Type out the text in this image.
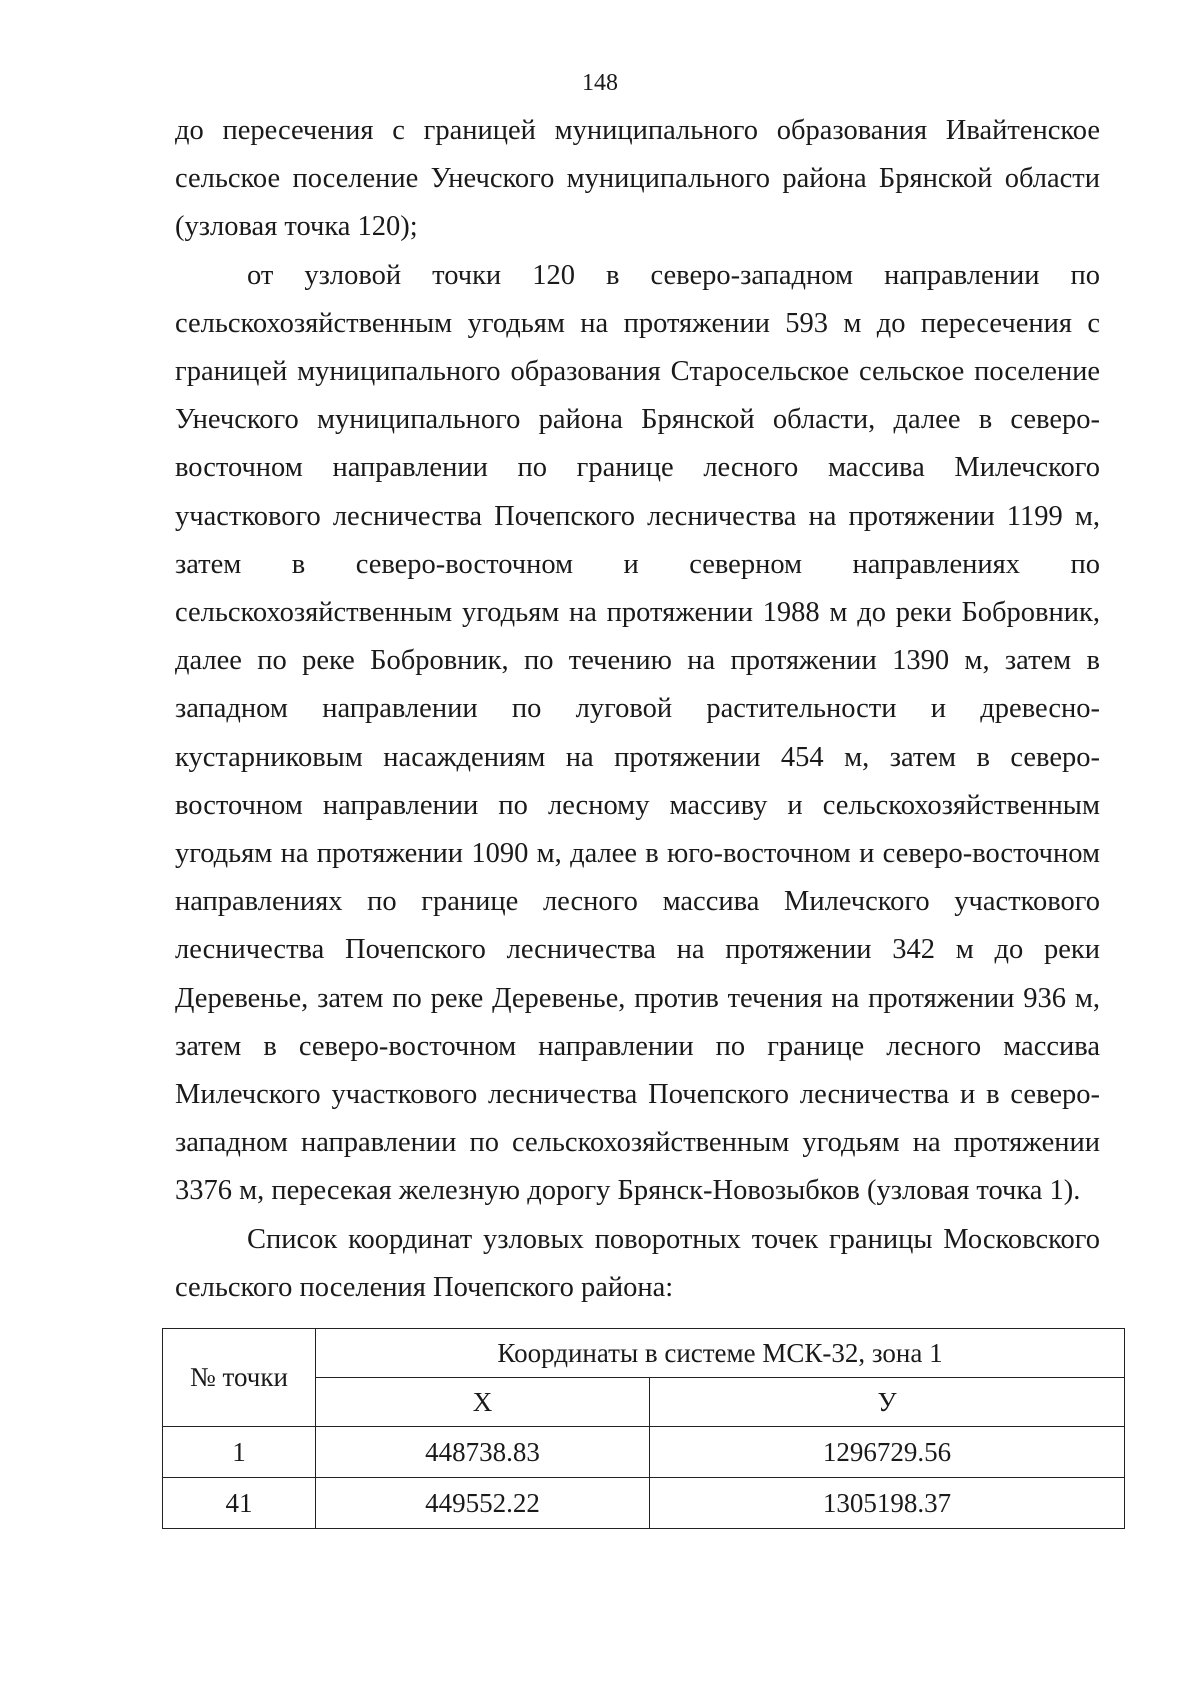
148

до пересечения с границей муниципального образования Ивайтенское сельское поселение Унечского муниципального района Брянской области (узловая точка 120);

от узловой точки 120 в северо-западном направлении по сельскохозяйственным угодьям на протяжении 593 м до пересечения с границей муниципального образования Старосельское сельское поселение Унечского муниципального района Брянской области, далее в северо-восточном направлении по границе лесного массива Милечского участкового лесничества Почепского лесничества на протяжении 1199 м, затем в северо-восточном и северном направлениях по сельскохозяйственным угодьям на протяжении 1988 м до реки Бобровник, далее по реке Бобровник, по течению на протяжении 1390 м, затем в западном направлении по луговой растительности и древесно-кустарниковым насаждениям на протяжении 454 м, затем в северо-восточном направлении по лесному массиву и сельскохозяйственным угодьям на протяжении 1090 м, далее в юго-восточном и северо-восточном направлениях по границе лесного массива Милечского участкового лесничества Почепского лесничества на протяжении 342 м до реки Деревенье, затем по реке Деревенье, против течения на протяжении 936 м, затем в северо-восточном направлении по границе лесного массива Милечского участкового лесничества Почепского лесничества и в северо-западном направлении по сельскохозяйственным угодьям на протяжении 3376 м, пересекая железную дорогу Брянск-Новозыбков (узловая точка 1).

Список координат узловых поворотных точек границы Московского сельского поселения Почепского района:

№ точки	Координаты в системе МСК-32, зона 1	
	Х	У
1	448738.83	1296729.56
41	449552.22	1305198.37
